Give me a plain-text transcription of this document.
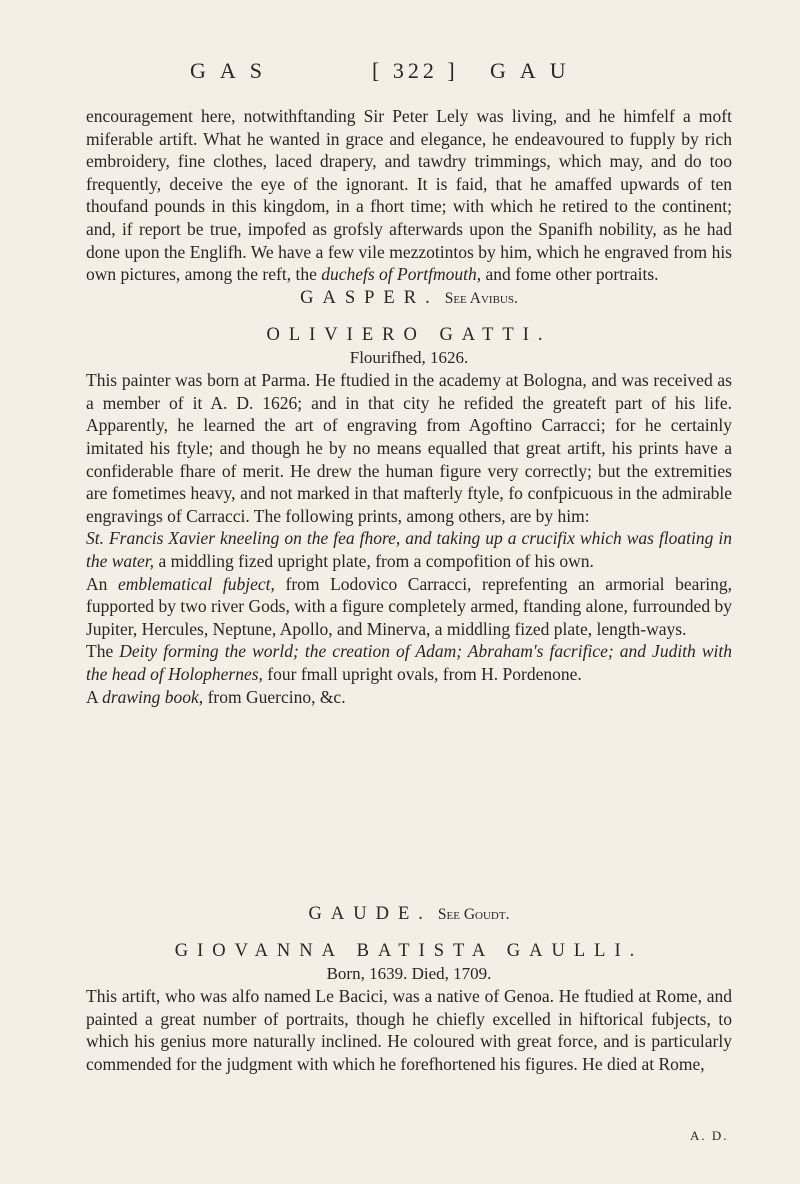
GAS	[ 322 ] GAU

encouragement here, notwithftanding Sir Peter Lely was living, and he himfelf a moft miferable artift. What he wanted in grace and elegance, he endeavoured to fupply by rich embroidery, fine clothes, laced drapery, and tawdry trimmings, which may, and do too frequently, deceive the eye of the ignorant. It is faid, that he amaffed upwards of ten thoufand pounds in this kingdom, in a fhort time; with which he retired to the continent; and, if report be true, impofed as grofsly afterwards upon the Spanifh nobility, as he had done upon the Englifh. We have a few vile mezzotintos by him, which he engraved from his own pictures, among the reft, the duchefs of Portfmouth, and fome other portraits.

GASPER. See Avibus.

OLIVIERO GATTI.

Flourifhed, 1626.

This painter was born at Parma. He ftudied in the academy at Bologna, and was received as a member of it A. D. 1626; and in that city he refided the greateft part of his life. Apparently, he learned the art of engraving from Agoftino Carracci; for he certainly imitated his ftyle; and though he by no means equalled that great artift, his prints have a confiderable fhare of merit. He drew the human figure very correctly; but the extremities are fometimes heavy, and not marked in that mafterly ftyle, fo confpicuous in the admirable engravings of Carracci. The following prints, among others, are by him:

St. Francis Xavier kneeling on the fea fhore, and taking up a crucifix which was floating in the water, a middling fized upright plate, from a compofition of his own.

An emblematical fubject, from Lodovico Carracci, reprefenting an armorial bearing, fupported by two river Gods, with a figure completely armed, ftanding alone, furrounded by Jupiter, Hercules, Neptune, Apollo, and Minerva, a middling fized plate, length-ways.

The Deity forming the world; the creation of Adam; Abraham's facrifice; and Judith with the head of Holophernes, four fmall upright ovals, from H. Pordenone.

A drawing book, from Guercino, &c.

GAUDE. See Goudt.

GIOVANNA BATISTA GAULLI.

Born, 1639. Died, 1709.

This artift, who was alfo named Le Bacici, was a native of Genoa. He ftudied at Rome, and painted a great number of portraits, though he chiefly excelled in hiftorical fubjects, to which his genius more naturally inclined. He coloured with great force, and is particularly commended for the judgment with which he forefhortened his figures. He died at Rome,

A. D.
